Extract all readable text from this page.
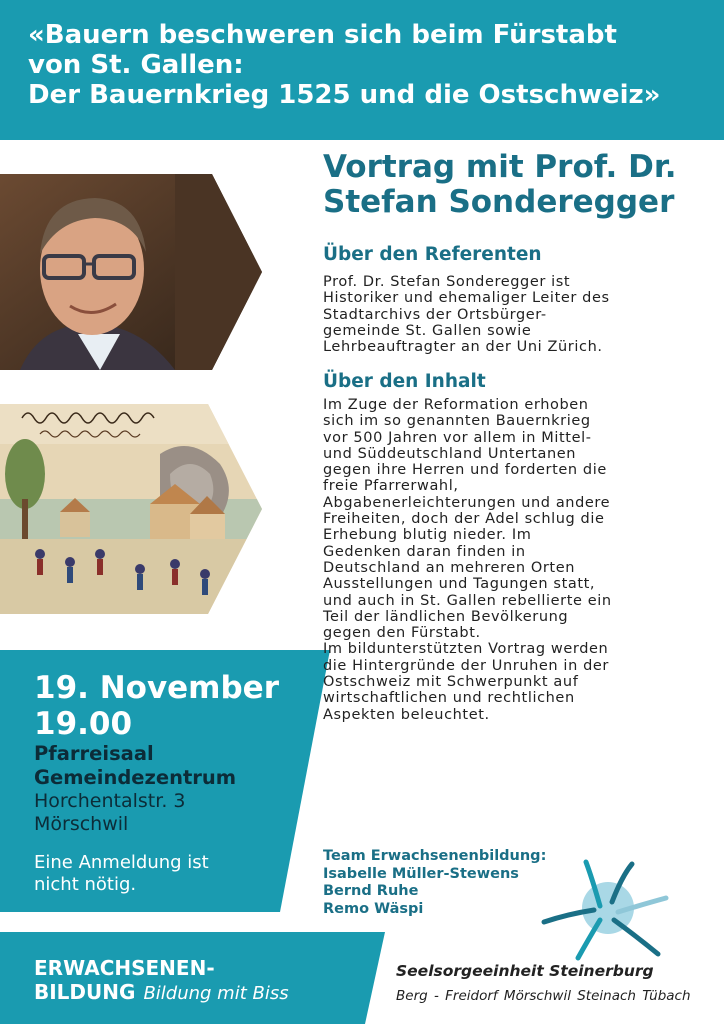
«Bauern beschweren sich beim Fürstabt
von St. Gallen:
Der Bauernkrieg 1525 und die Ostschweiz»
Vortrag mit Prof. Dr.
Stefan Sonderegger
Über den Referenten
Prof. Dr. Stefan Sonderegger ist
Historiker und ehemaliger Leiter des
Stadtarchivs der Ortsbürger-
gemeinde St. Gallen sowie
Lehrbeauftragter an der Uni Zürich.
Über den Inhalt
Im Zuge der Reformation erhoben
sich im so genannten Bauernkrieg
vor 500 Jahren vor allem in Mittel-
und Süddeutschland Untertanen
gegen ihre Herren und forderten die
freie Pfarrerwahl,
Abgabenerleichterungen und andere
Freiheiten, doch der Adel schlug die
Erhebung blutig nieder. Im
Gedenken daran finden in
Deutschland an mehreren Orten
Ausstellungen und Tagungen statt,
und auch in St. Gallen rebellierte ein
Teil der ländlichen Bevölkerung
gegen den Fürstabt.
Im bildunterstützten Vortrag werden
die Hintergründe der Unruhen in der
Ostschweiz mit Schwerpunkt auf
wirtschaftlichen und rechtlichen
Aspekten beleuchtet.
19. November
19.00
Pfarreisaal
Gemeindezentrum
Horchentalstr. 3
Mörschwil
Eine Anmeldung ist
nicht nötig.
Team Erwachsenenbildung:
Isabelle Müller-Stewens
Bernd Ruhe
Remo Wäspi
ERWACHSENEN-
BILDUNG Bildung mit Biss
Seelsorgeeinheit Steinerburg
Berg - Freidorf Mörschwil Steinach Tübach
